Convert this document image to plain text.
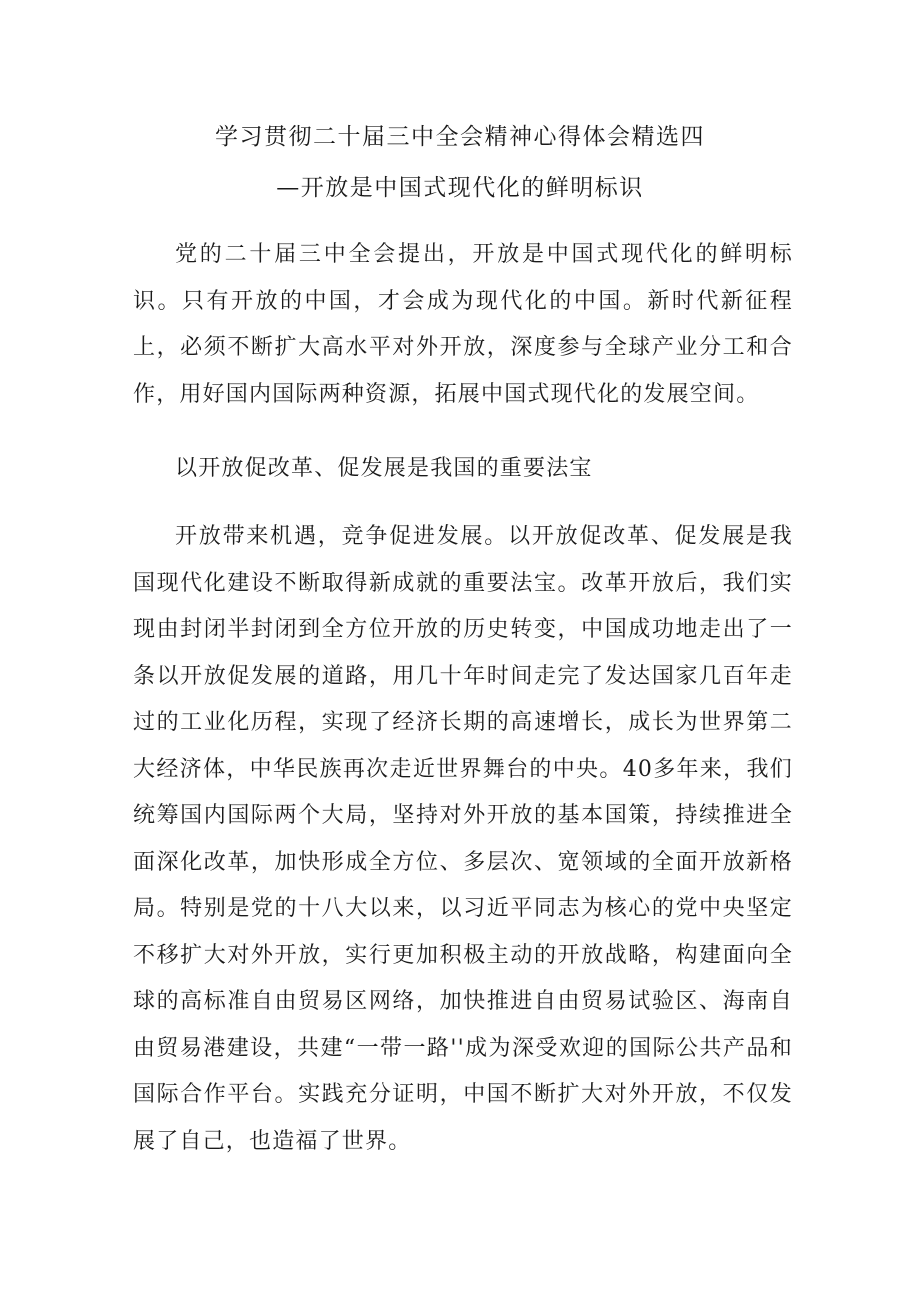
学习贯彻二十届三中全会精神心得体会精选四
—开放是中国式现代化的鲜明标识

党的二十届三中全会提出，开放是中国式现代化的鲜明标识。只有开放的中国，才会成为现代化的中国。新时代新征程上，必须不断扩大高水平对外开放，深度参与全球产业分工和合作，用好国内国际两种资源，拓展中国式现代化的发展空间。

以开放促改革、促发展是我国的重要法宝

开放带来机遇，竞争促进发展。以开放促改革、促发展是我国现代化建设不断取得新成就的重要法宝。改革开放后，我们实现由封闭半封闭到全方位开放的历史转变，中国成功地走出了一条以开放促发展的道路，用几十年时间走完了发达国家几百年走过的工业化历程，实现了经济长期的高速增长，成长为世界第二大经济体，中华民族再次走近世界舞台的中央。40多年来，我们统筹国内国际两个大局，坚持对外开放的基本国策，持续推进全面深化改革，加快形成全方位、多层次、宽领域的全面开放新格局。特别是党的十八大以来，以习近平同志为核心的党中央坚定不移扩大对外开放，实行更加积极主动的开放战略，构建面向全球的高标准自由贸易区网络，加快推进自由贸易试验区、海南自由贸易港建设，共建“一带一路''成为深受欢迎的国际公共产品和国际合作平台。实践充分证明，中国不断扩大对外开放，不仅发展了自己，也造福了世界。
